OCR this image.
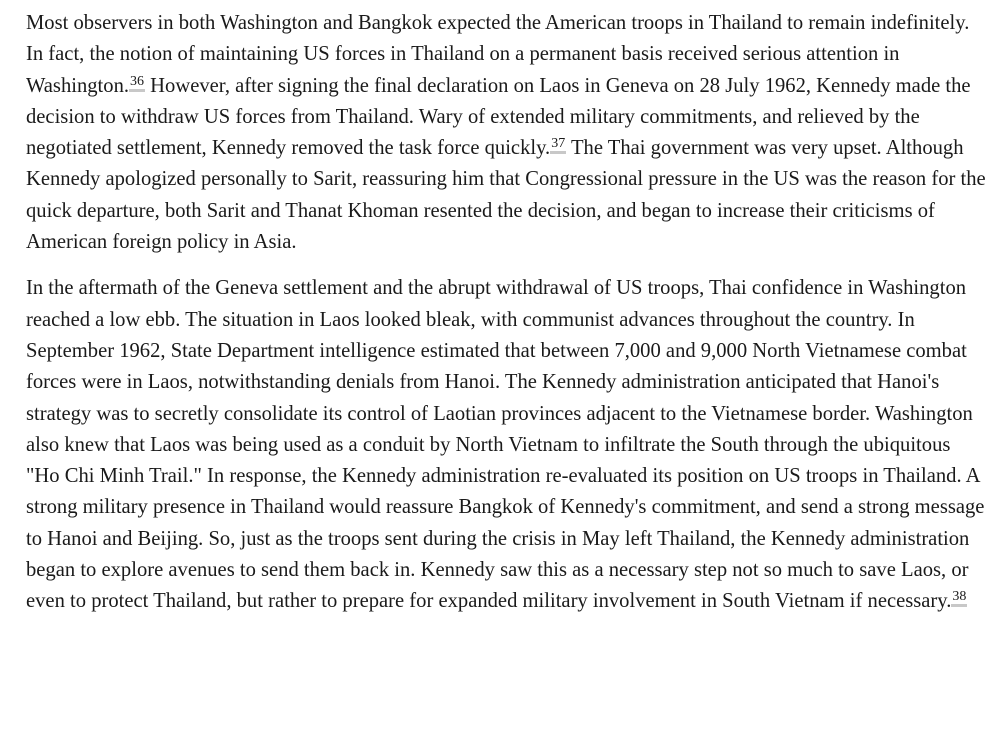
Most observers in both Washington and Bangkok expected the American troops in Thailand to remain indefinitely. In fact, the notion of maintaining US forces in Thailand on a permanent basis received serious attention in Washington.$^{36}$ However, after signing the final declaration on Laos in Geneva on 28 July 1962, Kennedy made the decision to withdraw US forces from Thailand. Wary of extended military commitments, and relieved by the negotiated settlement, Kennedy removed the task force quickly.$^{37}$ The Thai government was very upset. Although Kennedy apologized personally to Sarit, reassuring him that Congressional pressure in the US was the reason for the quick departure, both Sarit and Thanat Khoman resented the decision, and began to increase their criticisms of American foreign policy in Asia.

In the aftermath of the Geneva settlement and the abrupt withdrawal of US troops, Thai confidence in Washington reached a low ebb. The situation in Laos looked bleak, with communist advances throughout the country. In September 1962, State Department intelligence estimated that between 7,000 and 9,000 North Vietnamese combat forces were in Laos, notwithstanding denials from Hanoi. The Kennedy administration anticipated that Hanoi's strategy was to secretly consolidate its control of Laotian provinces adjacent to the Vietnamese border. Washington also knew that Laos was being used as a conduit by North Vietnam to infiltrate the South through the ubiquitous "Ho Chi Minh Trail." In response, the Kennedy administration re-evaluated its position on US troops in Thailand. A strong military presence in Thailand would reassure Bangkok of Kennedy's commitment, and send a strong message to Hanoi and Beijing. So, just as the troops sent during the crisis in May left Thailand, the Kennedy administration began to explore avenues to send them back in. Kennedy saw this as a necessary step not so much to save Laos, or even to protect Thailand, but rather to prepare for expanded military involvement in South Vietnam if necessary.$^{38}$
